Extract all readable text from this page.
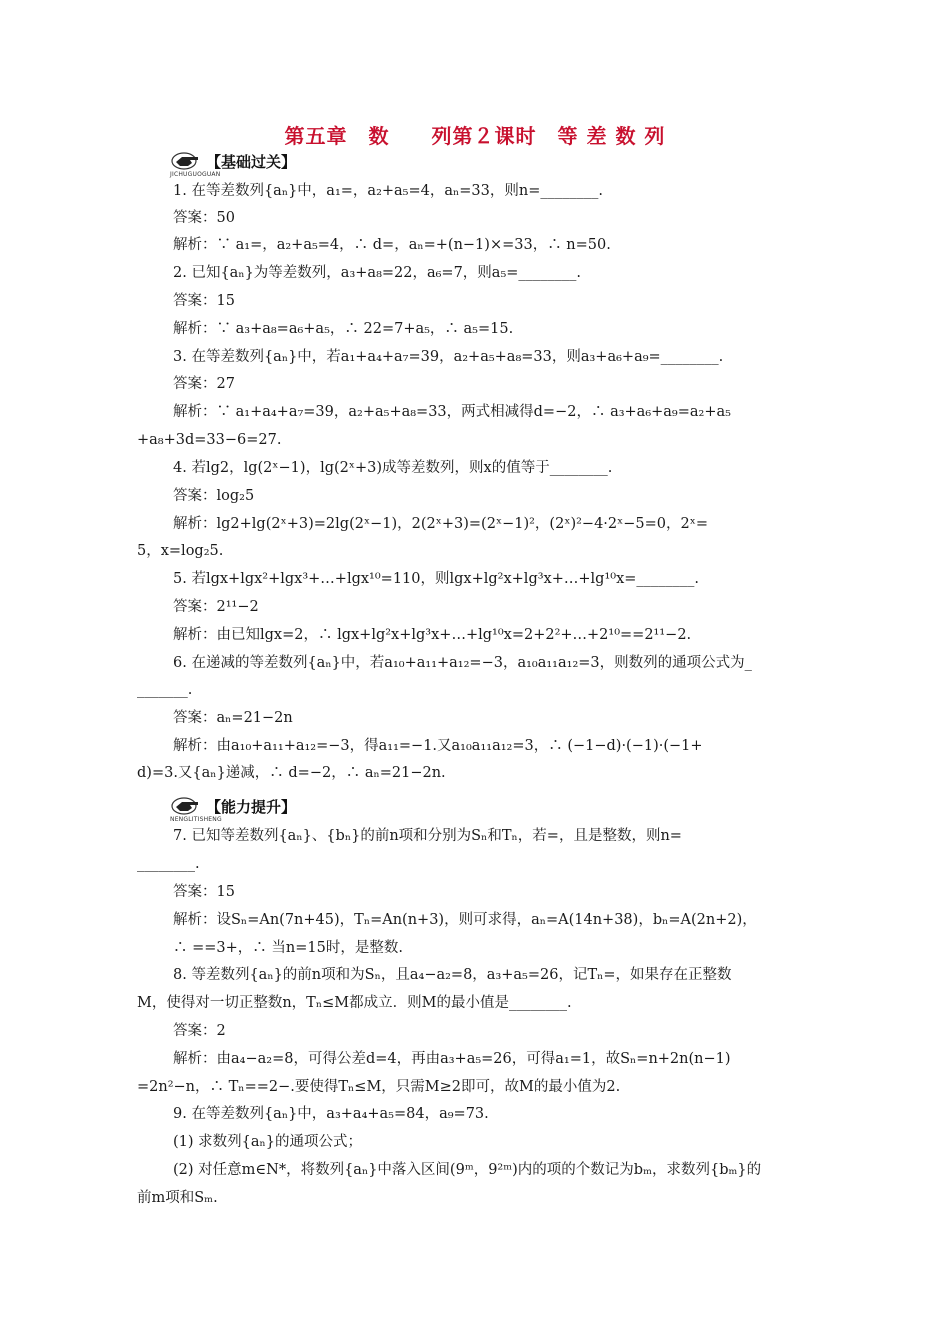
第五章　数　　列第２课时　等 差 数 列
【基础过关】
JICHUGUOGUAN
1. 在等差数列{aₙ}中，a₁=，a₂+a₅=4，aₙ=33，则n=________.
答案：50
解析：∵ a₁=，a₂+a₅=4，∴ d=，aₙ=+(n−1)×=33，∴ n=50.
2. 已知{aₙ}为等差数列，a₃+a₈=22，a₆=7，则a₅=________.
答案：15
解析：∵ a₃+a₈=a₆+a₅，∴ 22=7+a₅，∴ a₅=15.
3. 在等差数列{aₙ}中，若a₁+a₄+a₇=39，a₂+a₅+a₈=33，则a₃+a₆+a₉=________.
答案：27
解析：∵ a₁+a₄+a₇=39，a₂+a₅+a₈=33，两式相减得d=−2，∴ a₃+a₆+a₉=a₂+a₅
+a₈+3d=33−6=27.
4. 若lg2，lg(2ˣ−1)，lg(2ˣ+3)成等差数列，则x的值等于________.
答案：log₂5
解析：lg2+lg(2ˣ+3)=2lg(2ˣ−1)，2(2ˣ+3)=(2ˣ−1)²，(2ˣ)²−4·2ˣ−5=0，2ˣ=
5，x=log₂5.
5. 若lgx+lgx²+lgx³+…+lgx¹⁰=110，则lgx+lg²x+lg³x+…+lg¹⁰x=________.
答案：2¹¹−2
解析：由已知lgx=2，∴ lgx+lg²x+lg³x+…+lg¹⁰x=2+2²+…+2¹⁰==2¹¹−2.
6. 在递减的等差数列{aₙ}中，若a₁₀+a₁₁+a₁₂=−3，a₁₀a₁₁a₁₂=3，则数列的通项公式为_
_______.
答案：aₙ=21−2n
解析：由a₁₀+a₁₁+a₁₂=−3，得a₁₁=−1.又a₁₀a₁₁a₁₂=3，∴ (−1−d)·(−1)·(−1+
d)=3.又{aₙ}递减，∴ d=−2，∴ aₙ=21−2n.
【能力提升】
NENGLITISHENG
7. 已知等差数列{aₙ}、{bₙ}的前n项和分别为Sₙ和Tₙ，若=，且是整数，则n=
________.
答案：15
解析：设Sₙ=An(7n+45)，Tₙ=An(n+3)，则可求得，aₙ=A(14n+38)，bₙ=A(2n+2)，
∴ ==3+，∴ 当n=15时，是整数.
8. 等差数列{aₙ}的前n项和为Sₙ，且a₄−a₂=8，a₃+a₅=26，记Tₙ=，如果存在正整数
M，使得对一切正整数n，Tₙ≤M都成立．则M的最小值是________.
答案：2
解析：由a₄−a₂=8，可得公差d=4，再由a₃+a₅=26，可得a₁=1，故Sₙ=n+2n(n−1)
=2n²−n，∴ Tₙ==2−.要使得Tₙ≤M，只需M≥2即可，故M的最小值为2.
9. 在等差数列{aₙ}中，a₃+a₄+a₅=84，a₉=73.
(1) 求数列{aₙ}的通项公式；
(2) 对任意m∈N*，将数列{aₙ}中落入区间(9ᵐ，9²ᵐ)内的项的个数记为bₘ，求数列{bₘ}的
前m项和Sₘ.
